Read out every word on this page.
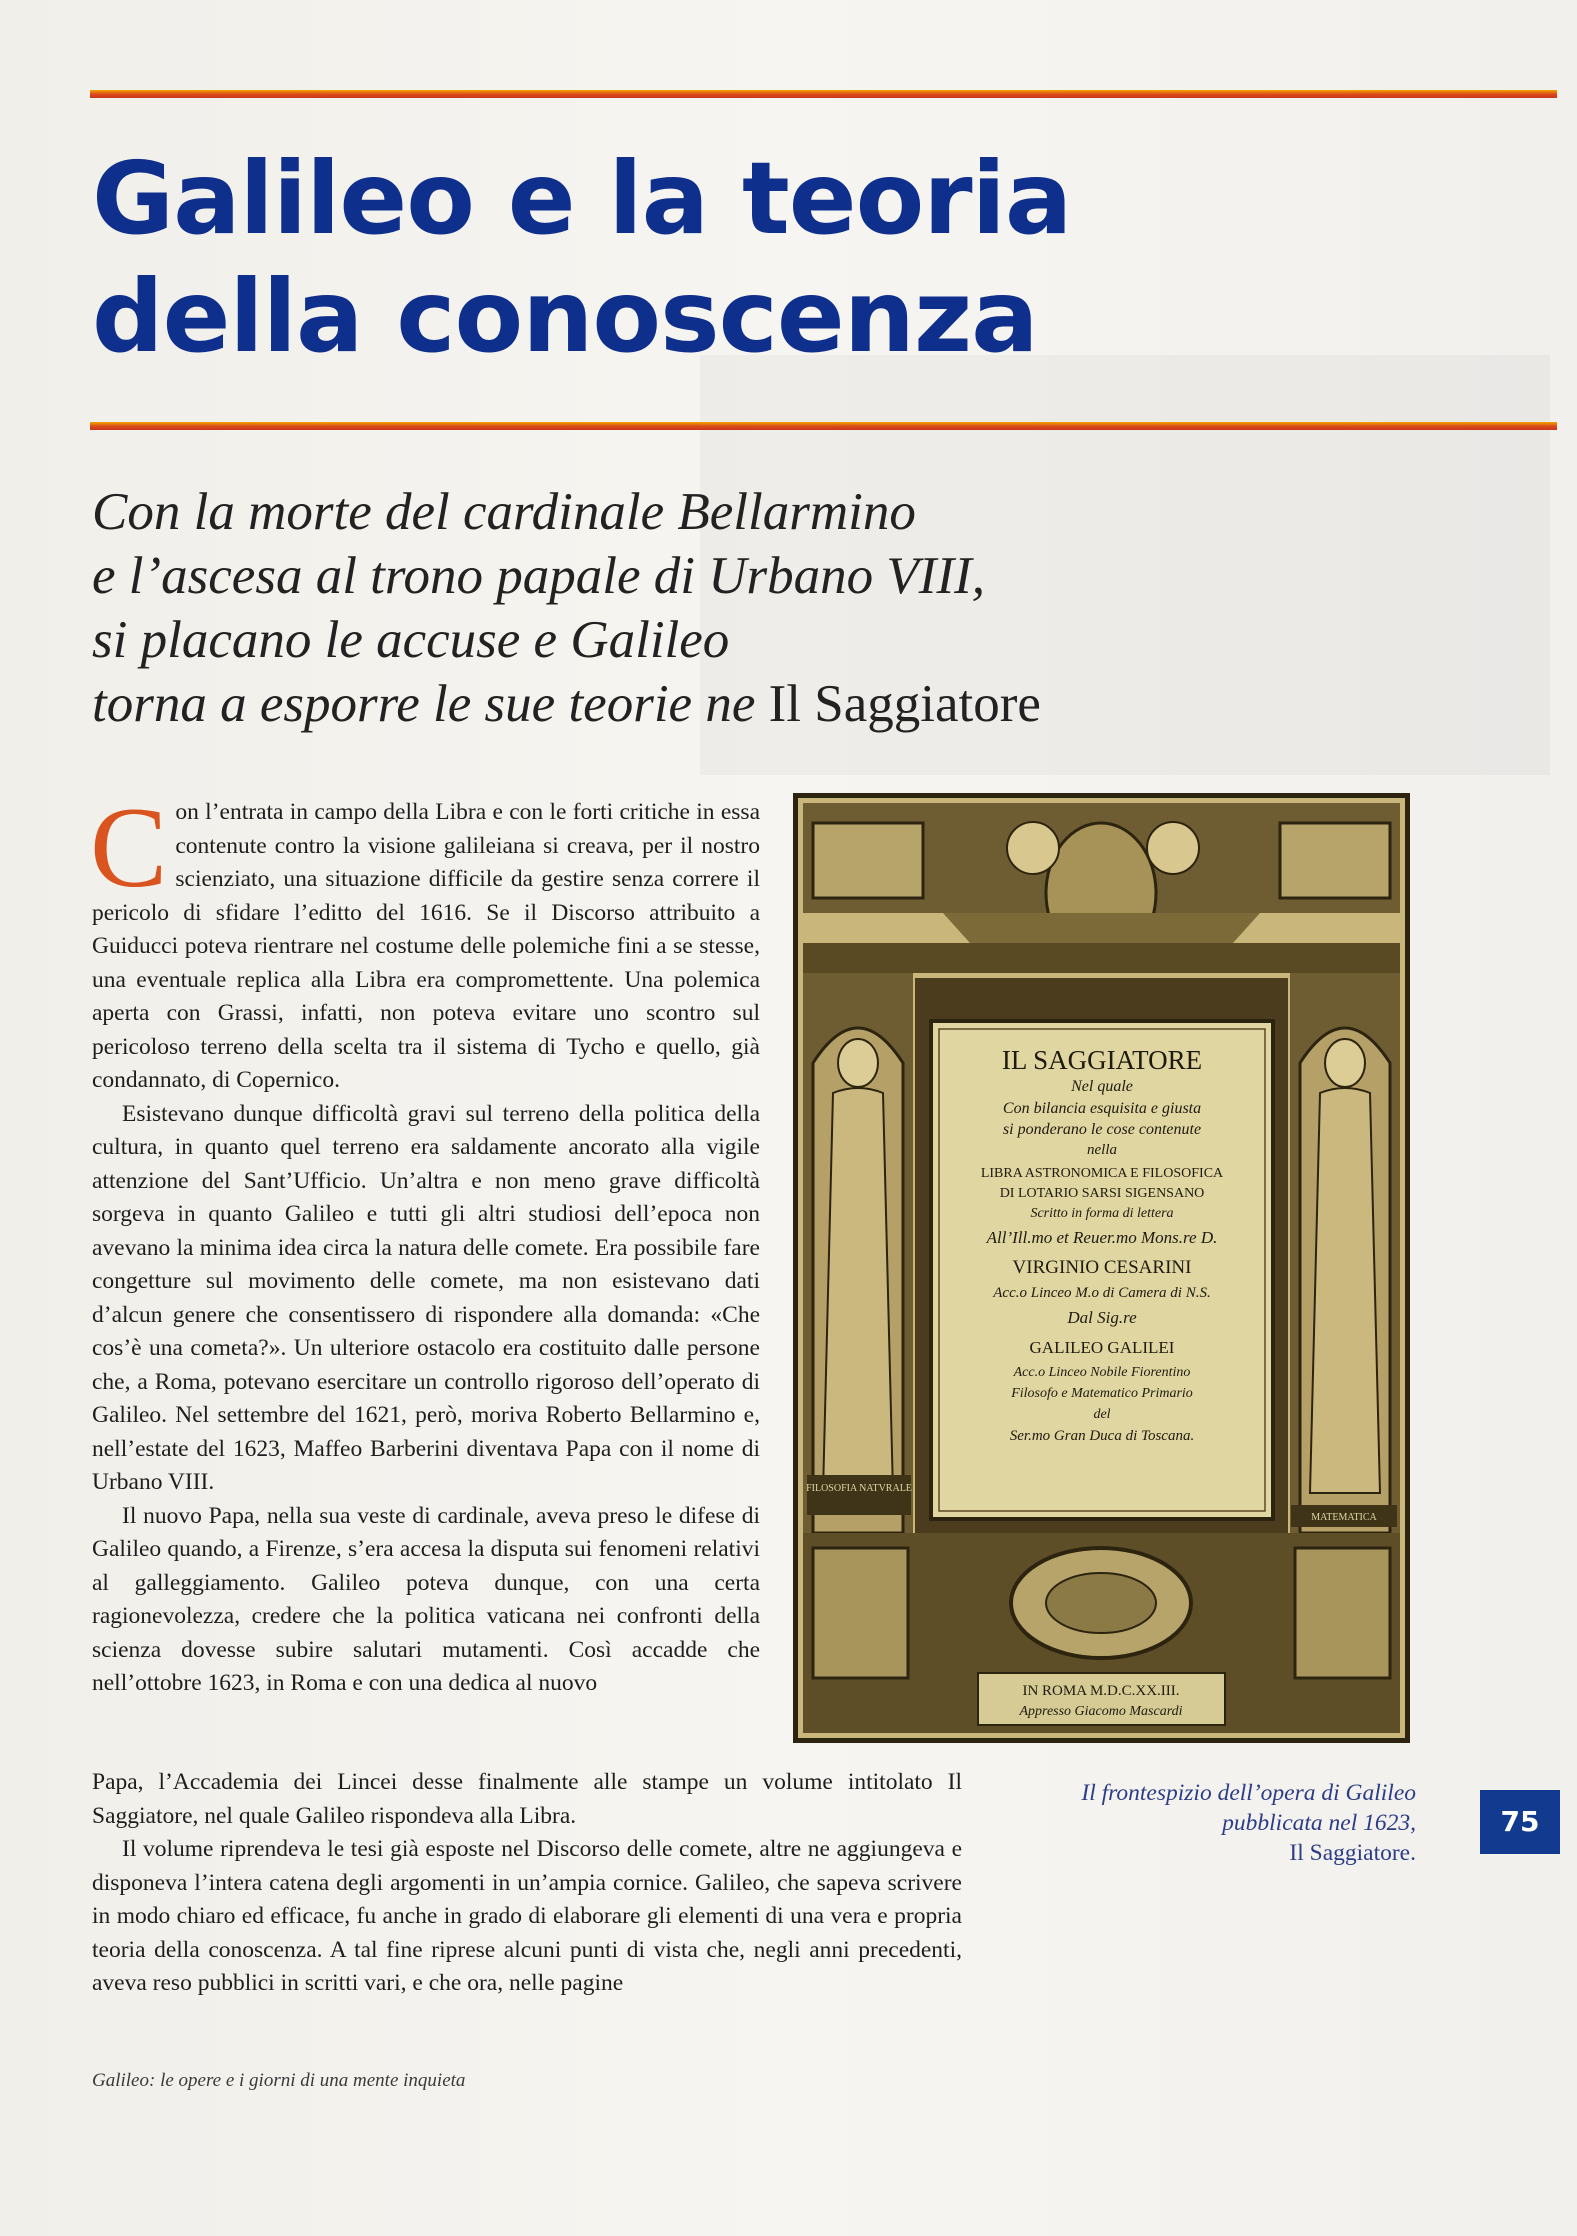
Galileo e la teoria
della conoscenza
Con la morte del cardinale Bellarmino
e l’ascesa al trono papale di Urbano VIII,
si placano le accuse e Galileo
torna a esporre le sue teorie ne Il Saggiatore

Con l’entrata in campo della Libra e con le forti critiche in essa contenute contro la visione galileiana si creava, per il nostro scienziato, una situazione difficile da gestire senza correre il pericolo di sfidare l’editto del 1616. Se il Discorso attribuito a Guiducci poteva rientrare nel costume delle polemiche fini a se stesse, una eventuale replica alla Libra era compromettente. Una polemica aperta con Grassi, infatti, non poteva evitare uno scontro sul pericoloso terreno della scelta tra il sistema di Tycho e quello, già condannato, di Copernico.

Esistevano dunque difficoltà gravi sul terreno della politica della cultura, in quanto quel terreno era saldamente ancorato alla vigile attenzione del Sant’Ufficio. Un’altra e non meno grave difficoltà sorgeva in quanto Galileo e tutti gli altri studiosi dell’epoca non avevano la minima idea circa la natura delle comete. Era possibile fare congetture sul movimento delle comete, ma non esistevano dati d’alcun genere che consentissero di rispondere alla domanda: «Che cos’è una cometa?». Un ulteriore ostacolo era costituito dalle persone che, a Roma, potevano esercitare un controllo rigoroso dell’operato di Galileo. Nel settembre del 1621, però, moriva Roberto Bellarmino e, nell’estate del 1623, Maffeo Barberini diventava Papa con il nome di Urbano VIII.

Il nuovo Papa, nella sua veste di cardinale, aveva preso le difese di Galileo quando, a Firenze, s’era accesa la disputa sui fenomeni relativi al galleggiamento. Galileo poteva dunque, con una certa ragionevolezza, credere che la politica vaticana nei confronti della scienza dovesse subire salutari mutamenti. Così accadde che nell’ottobre 1623, in Roma e con una dedica al nuovo

Papa, l’Accademia dei Lincei desse finalmente alle stampe un volume intitolato Il Saggiatore, nel quale Galileo rispondeva alla Libra.

Il volume riprendeva le tesi già esposte nel Discorso delle comete, altre ne aggiungeva e disponeva l’intera catena degli argomenti in un’ampia cornice. Galileo, che sapeva scrivere in modo chiaro ed efficace, fu anche in grado di elaborare gli elementi di una vera e propria teoria della conoscenza. A tal fine riprese alcuni punti di vista che, negli anni precedenti, aveva reso pubblici in scritti vari, e che ora, nelle pagine

IL SAGGIATORE
Nel quale
Con bilancia esquisita e giusta
si ponderano le cose contenute
nella
LIBRA ASTRONOMICA E FILOSOFICA
DI LOTARIO SARSI SIGENSANO
Scritto in forma di lettera
All’Ill.mo et Reuer.mo Mons.re D.
VIRGINIO CESARINI
Acc.o Linceo M.o di Camera di N.S.
Dal Sig.re
GALILEO GALILEI
Acc.o Linceo Nobile Fiorentino
Filosofo e Matematico Primario
del
Ser.mo Gran Duca di Toscana.
FILOSOFIA NATVRALE
MATEMATICA
IN ROMA M.D.C.XX.III.
Appresso Giacomo Mascardi
Il frontespizio dell’opera di Galileo
pubblicata nel 1623,
Il Saggiatore.
75
Galileo: le opere e i giorni di una mente inquieta
